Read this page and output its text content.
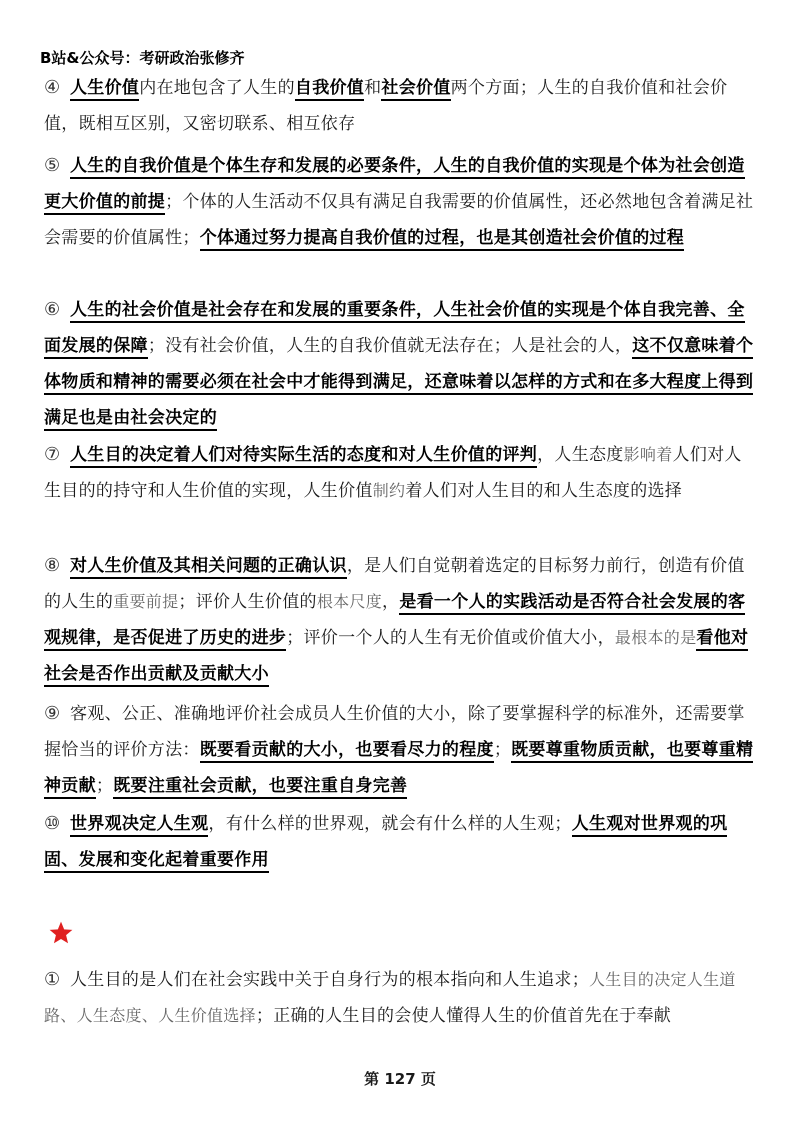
B站&公众号：考研政治张修齐
④ 人生价值内在地包含了人生的自我价值和社会价值两个方面；人生的自我价值和社会价值，既相互区别，又密切联系、相互依存
⑤ 人生的自我价值是个体生存和发展的必要条件，人生的自我价值的实现是个体为社会创造更大价值的前提；个体的人生活动不仅具有满足自我需要的价值属性，还必然地包含着满足社会需要的价值属性；个体通过努力提高自我价值的过程，也是其创造社会价值的过程
⑥ 人生的社会价值是社会存在和发展的重要条件，人生社会价值的实现是个体自我完善、全面发展的保障；没有社会价值，人生的自我价值就无法存在；人是社会的人，这不仅意味着个体物质和精神的需要必须在社会中才能得到满足，还意味着以怎样的方式和在多大程度上得到满足也是由社会决定的
⑦ 人生目的决定着人们对待实际生活的态度和对人生价值的评判，人生态度影响着人们对人生目的的持守和人生价值的实现，人生价值制约着人们对人生目的和人生态度的选择
⑧ 对人生价值及其相关问题的正确认识，是人们自觉朝着选定的目标努力前行，创造有价值的人生的重要前提；评价人生价值的根本尺度，是看一个人的实践活动是否符合社会发展的客观规律，是否促进了历史的进步；评价一个人的人生有无价值或价值大小，最根本的是看他对社会是否作出贡献及贡献大小
⑨ 客观、公正、准确地评价社会成员人生价值的大小，除了要掌握科学的标准外，还需要掌握恰当的评价方法：既要看贡献的大小，也要看尽力的程度；既要尊重物质贡献，也要尊重精神贡献；既要注重社会贡献，也要注重自身完善
⑩ 世界观决定人生观，有什么样的世界观，就会有什么样的人生观；人生观对世界观的巩固、发展和变化起着重要作用
① 人生目的是人们在社会实践中关于自身行为的根本指向和人生追求；人生目的决定人生道路、人生态度、人生价值选择；正确的人生目的会使人懂得人生的价值首先在于奉献
第 127 页
